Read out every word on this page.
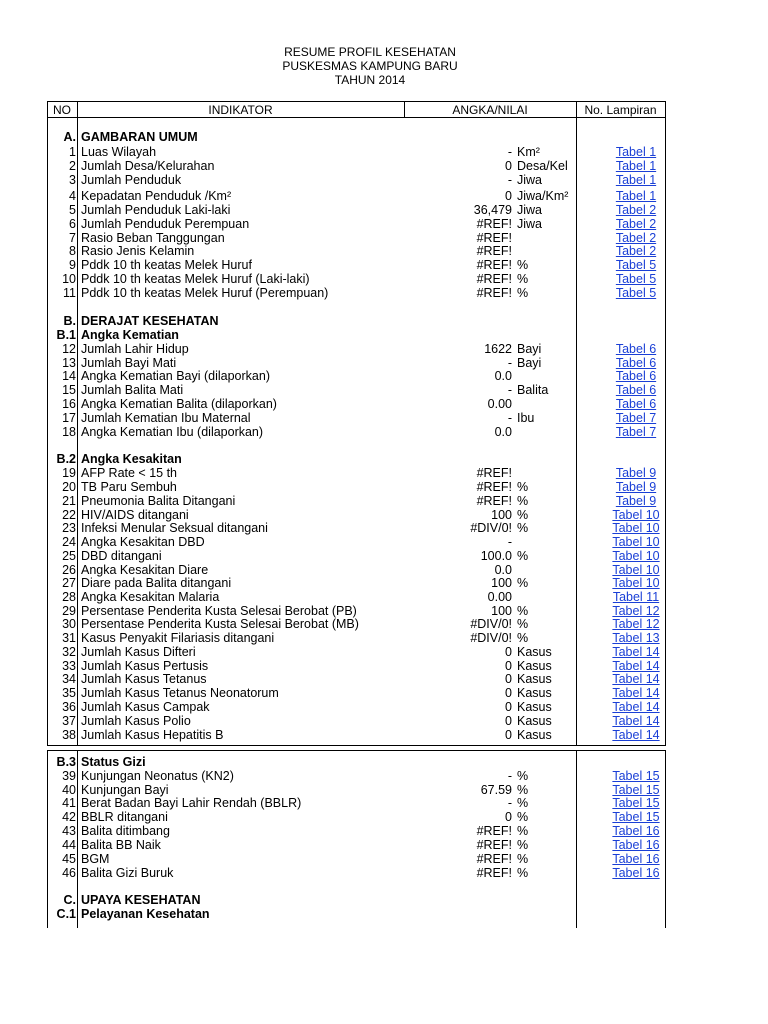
RESUME PROFIL KESEHATAN
PUSKESMAS KAMPUNG BARU
TAHUN 2014
NO	INDIKATOR	ANGKA/NILAI	No. Lampiran
A. GAMBARAN UMUM
1 Luas Wilayah	- Km²	Tabel 1
2 Jumlah Desa/Kelurahan	0 Desa/Kel	Tabel 1
3 Jumlah Penduduk	- Jiwa	Tabel 1
4 Kepadatan Penduduk /Km²	0 Jiwa/Km²	Tabel 1
5 Jumlah Penduduk Laki-laki	36,479 Jiwa	Tabel 2
6 Jumlah Penduduk Perempuan	#REF! Jiwa	Tabel 2
7 Rasio Beban Tanggungan	#REF!	Tabel 2
8 Rasio Jenis Kelamin	#REF!	Tabel 2
9 Pddk 10 th keatas Melek Huruf	#REF! %	Tabel 5
10 Pddk 10 th keatas Melek Huruf (Laki-laki)	#REF! %	Tabel 5
11 Pddk 10 th keatas Melek Huruf (Perempuan)	#REF! %	Tabel 5
B. DERAJAT KESEHATAN
B.1 Angka Kematian
12 Jumlah Lahir Hidup	1622 Bayi	Tabel 6
13 Jumlah Bayi Mati	- Bayi	Tabel 6
14 Angka Kematian Bayi (dilaporkan)	0.0	Tabel 6
15 Jumlah Balita Mati	- Balita	Tabel 6
16 Angka Kematian Balita (dilaporkan)	0.00	Tabel 6
17 Jumlah Kematian Ibu Maternal	- Ibu	Tabel 7
18 Angka Kematian Ibu (dilaporkan)	0.0	Tabel 7
B.2 Angka Kesakitan
19 AFP Rate < 15 th	#REF!	Tabel 9
20 TB Paru Sembuh	#REF! %	Tabel 9
21 Pneumonia Balita Ditangani	#REF! %	Tabel 9
22 HIV/AIDS ditangani	100 %	Tabel 10
23 Infeksi Menular Seksual ditangani	#DIV/0! %	Tabel 10
24 Angka Kesakitan DBD	-	Tabel 10
25 DBD ditangani	100.0 %	Tabel 10
26 Angka Kesakitan Diare	0.0	Tabel 10
27 Diare pada Balita ditangani	100 %	Tabel 10
28 Angka Kesakitan Malaria	0.00	Tabel 11
29 Persentase Penderita Kusta Selesai Berobat (PB)	100 %	Tabel 12
30 Persentase Penderita Kusta Selesai Berobat (MB)	#DIV/0! %	Tabel 12
31 Kasus Penyakit Filariasis ditangani	#DIV/0! %	Tabel 13
32 Jumlah Kasus Difteri	0 Kasus	Tabel 14
33 Jumlah Kasus Pertusis	0 Kasus	Tabel 14
34 Jumlah Kasus Tetanus	0 Kasus	Tabel 14
35 Jumlah Kasus Tetanus Neonatorum	0 Kasus	Tabel 14
36 Jumlah Kasus Campak	0 Kasus	Tabel 14
37 Jumlah Kasus Polio	0 Kasus	Tabel 14
38 Jumlah Kasus Hepatitis B	0 Kasus	Tabel 14
B.3 Status Gizi
39 Kunjungan Neonatus (KN2)	- %	Tabel 15
40 Kunjungan Bayi	67.59 %	Tabel 15
41 Berat Badan Bayi Lahir Rendah (BBLR)	- %	Tabel 15
42 BBLR ditangani	0 %	Tabel 15
43 Balita ditimbang	#REF! %	Tabel 16
44 Balita BB Naik	#REF! %	Tabel 16
45 BGM	#REF! %	Tabel 16
46 Balita Gizi Buruk	#REF! %	Tabel 16
C. UPAYA KESEHATAN
C.1 Pelayanan Kesehatan
